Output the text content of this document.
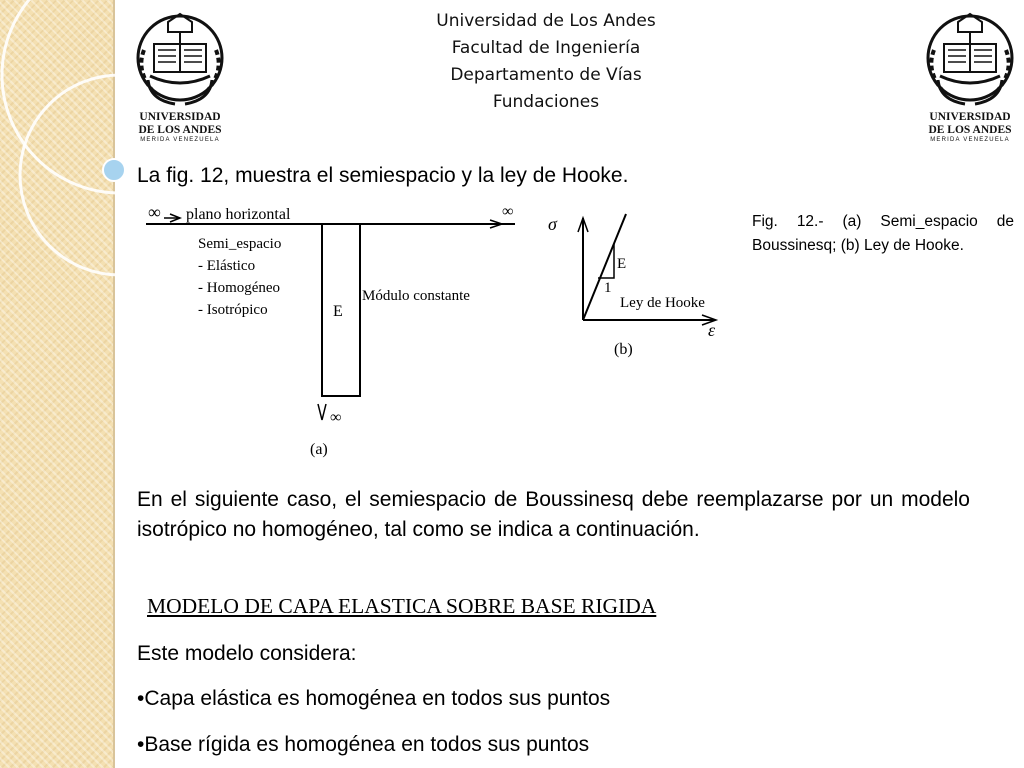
UNIVERSIDAD
DE LOS ANDES
MERIDA VENEZUELA
UNIVERSIDAD
DE LOS ANDES
MERIDA VENEZUELA
Universidad de Los Andes
Facultad de Ingeniería
Departamento de Vías
Fundaciones
La fig. 12, muestra el semiespacio y la ley de Hooke.
∞ plano horizontal	∞
Semi_espacio
- Elástico
- Homogéneo
- Isotrópico	E
Módulo constante
∞
(a)
σ
ε
E
1
Ley de Hooke
(b)
Fig. 12.- (a) Semi_espacio de Boussinesq; (b) Ley de Hooke.
En el siguiente caso, el semiespacio de Boussinesq debe reemplazarse por un modelo isotrópico no homogéneo, tal como se indica a continuación.
MODELO DE CAPA ELASTICA SOBRE BASE RIGIDA
Este modelo considera:
•Capa elástica es homogénea en todos sus puntos
•Base rígida es homogénea en todos sus puntos
